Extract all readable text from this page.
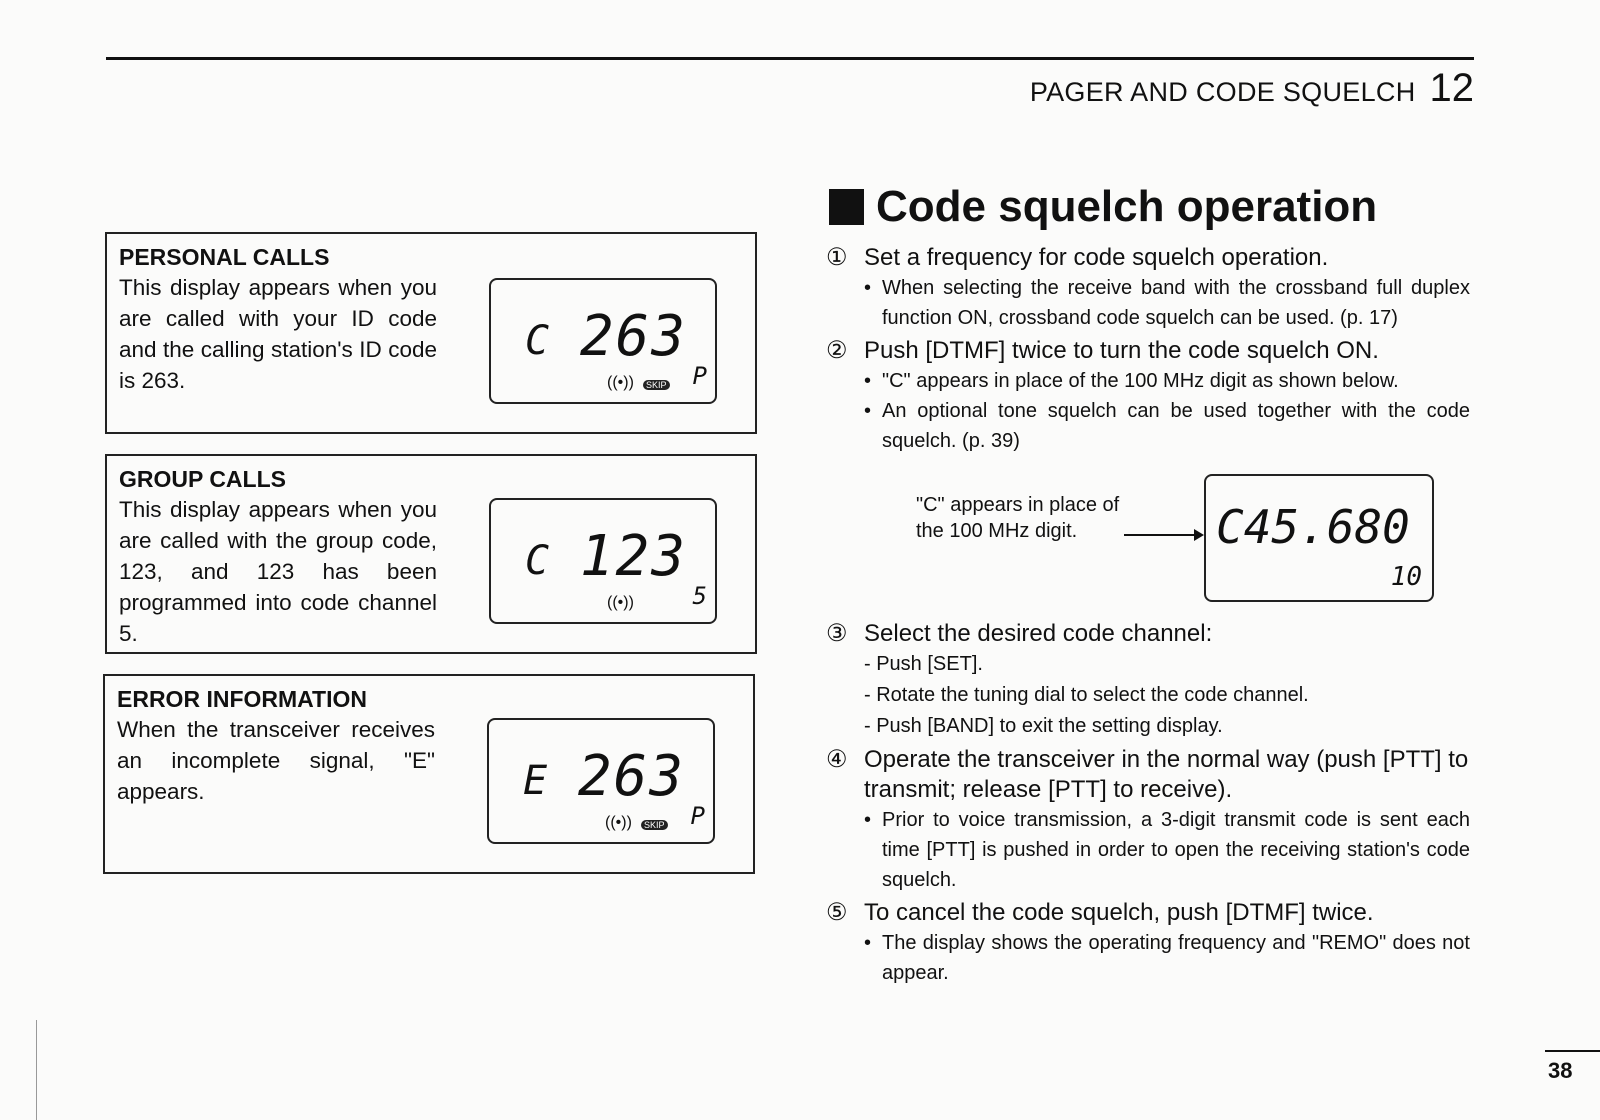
PAGER AND CODE SQUELCH 12
PERSONAL CALLS

This display appears when you are called with your ID code and the calling station's ID code is 263.

C 263
((•))	SKIP P
GROUP CALLS

This display appears when you are called with the group code, 123, and 123 has been programmed into code channel 5.

C 123
((•)) 5
ERROR INFORMATION

When the transceiver receives an incomplete signal, "E" appears.	E 263
((•))	SKIP P
Code squelch operation
① Set a frequency for code squelch operation.
• When selecting the receive band with the crossband full duplex function ON, crossband code squelch can be used. (p. 17)
② Push [DTMF] twice to turn the code squelch ON.
• "C" appears in place of the 100 MHz digit as shown below.
• An optional tone squelch can be used together with the code squelch. (p. 39)
"C" appears in place of the 100 MHz digit.	C45.680
10
③ Select the desired code channel:
- Push [SET].
- Rotate the tuning dial to select the code channel.
- Push [BAND] to exit the setting display.
④ Operate the transceiver in the normal way (push [PTT] to transmit; release [PTT] to receive).
• Prior to voice transmission, a 3-digit transmit code is sent each time [PTT] is pushed in order to open the receiving station's code squelch.
⑤ To cancel the code squelch, push [DTMF] twice.
• The display shows the operating frequency and "REMO" does not appear.
38
